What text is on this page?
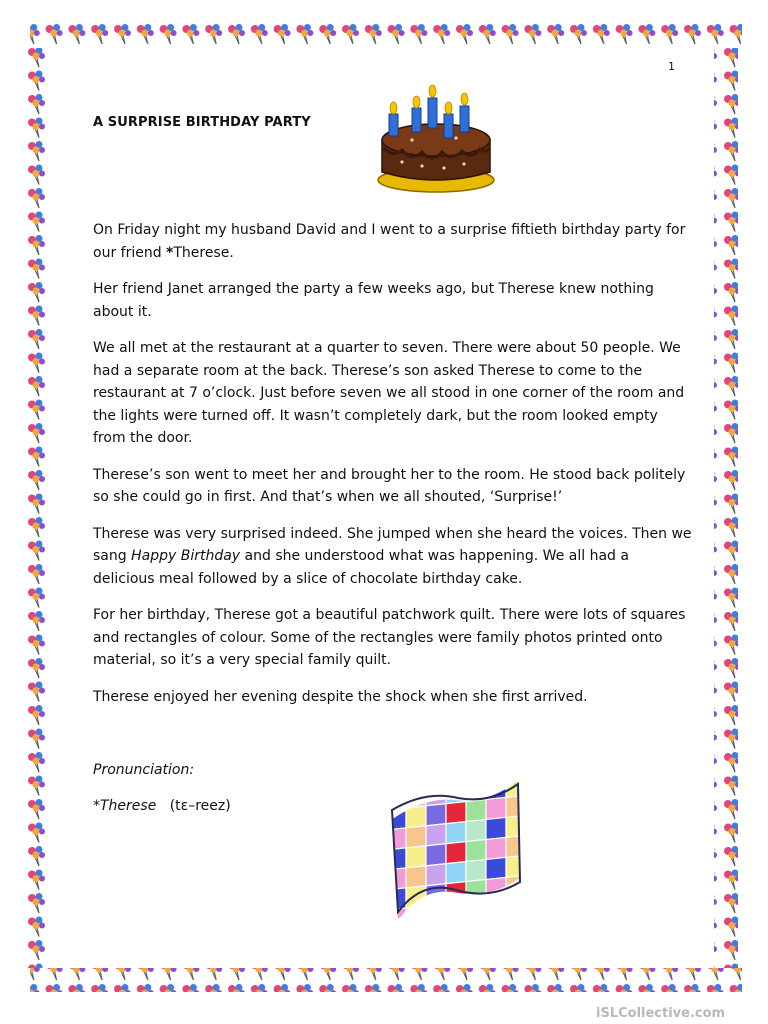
1
A SURPRISE BIRTHDAY PARTY

On Friday night my husband David and I went to a surprise fiftieth birthday party for our friend *Therese.

Her friend Janet arranged the party a few weeks ago, but Therese knew nothing about it.

We all met at the restaurant at a quarter to seven. There were about 50 people. We had a separate room at the back. Therese’s son asked Therese to come to the restaurant at 7 o’clock. Just before seven we all stood in one corner of the room and the lights were turned off. It wasn’t completely dark, but the room looked empty from the door.

Therese’s son went to meet her and brought her to the room. He stood back politely so she could go in first. And that’s when we all shouted, ‘Surprise!’

Therese was very surprised indeed. She jumped when she heard the voices. Then we sang Happy Birthday and she understood what was happening. We all had a delicious meal followed by a slice of chocolate birthday cake.

For her birthday, Therese got a beautiful patchwork quilt. There were lots of squares and rectangles of colour. Some of the rectangles were family photos printed onto material, so it’s a very special family quilt.

Therese enjoyed her evening despite the shock when she first arrived.

Pronunciation:
*Therese (tɛ–reez)
iSLCollective.com
